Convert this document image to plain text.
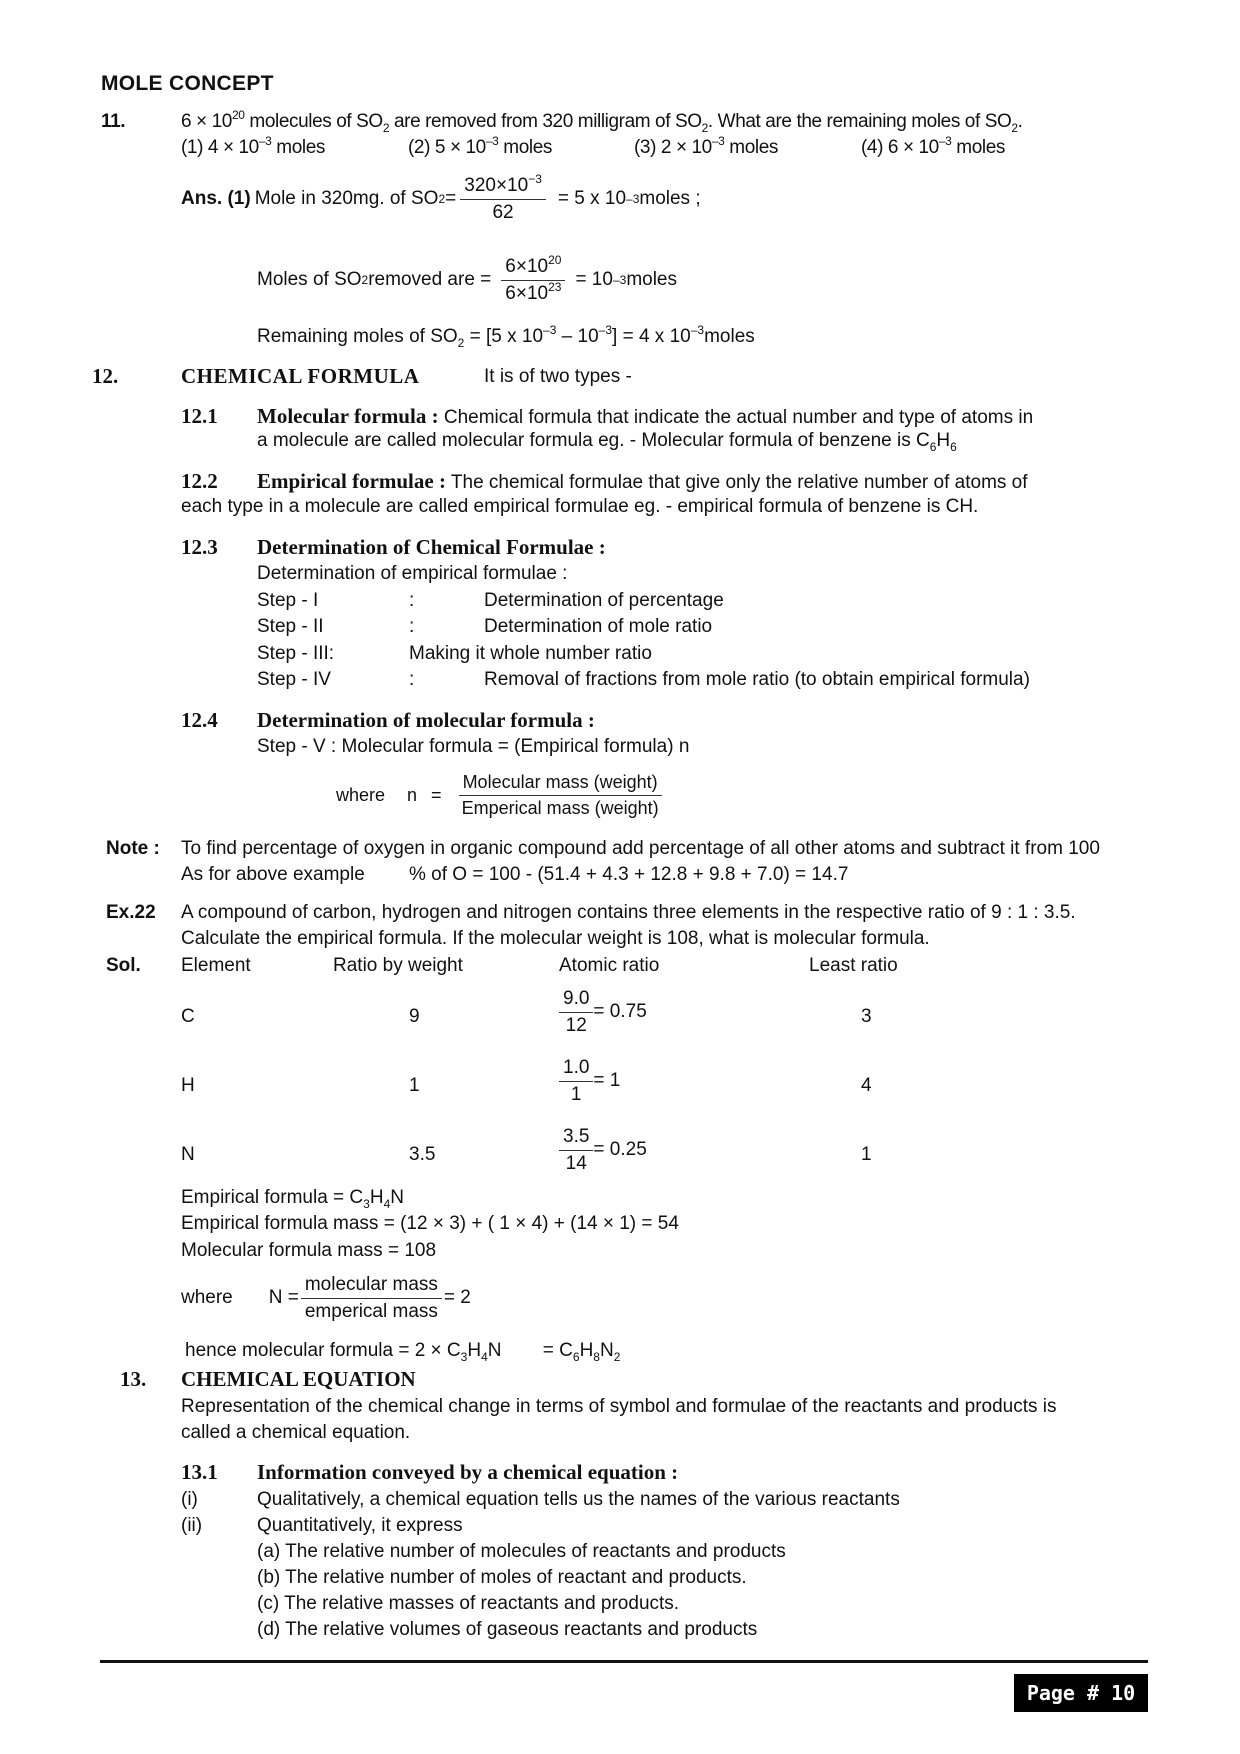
MOLE CONCEPT
11.	$6 \times 10^{20}$ molecules of $SO_2$ are removed from 320 milligram of $SO_2$. What are the remaining moles of $SO_2$.
(1) $4 \times 10^{-3}$ moles	(2) $5 \times 10^{-3}$ moles	(3) $2 \times 10^{-3}$ moles	(4) $6 \times 10^{-3}$ moles
Ans. (1) Mole in 320mg. of SO $2 = \frac{320\times 10^{-3}}{62} = 5$ x 10 –3 moles ;
Moles of SO 2 removed are = $\frac{6\times 10^{20}}{6\times 10^{23}} = 10$ –3 moles
Remaining moles of $SO_2 = [5$ x $10^{-3} - 10^{-3}] = 4$ x $10^{-3}moles$
12.	CHEMICAL FORMULA	It is of two types -
12.1 Molecular formula : Chemical formula that indicate the actual number and type of atoms in
a molecule are called molecular formula eg. - Molecular formula of benzene is $C_6H_6$
12.2 Empirical formulae : The chemical formulae that give only the relative number of atoms of
each type in a molecule are called empirical formulae eg. - empirical formula of benzene is CH.
12.3 Determination of Chemical Formulae :
Determination of empirical formulae :
Step - I	:	Determination of percentage
Step - II	:	Determination of mole ratio
Step - III:	Making it whole number ratio
Step - IV	:	Removal of fractions from mole ratio (to obtain empirical formula)
12.4 Determination of molecular formula :
Step - V : Molecular formula = (Empirical formula) n
where $n = \frac{\text{Molecular mass (weight)}}{\text{Emperical mass (weight)}}$
Note : To find percentage of oxygen in organic compound add percentage of all other atoms and subtract it from 100
As for above example % of O = 100 - (51.4 + 4.3 + 12.8 + 9.8 + 7.0) = 14.7
Ex.22 A compound of carbon, hydrogen and nitrogen contains three elements in the respective ratio of 9 : 1 : 3.5.
Calculate the empirical formula. If the molecular weight is 108, what is molecular formula.
Sol. Element	Ratio by weight	Atomic ratio	Least ratio
C	9	$\frac{9.0}{12} = 0.75$	3
H	1	$\frac{1.0}{1} = 1$	4
N	3.5	$\frac{3.5}{14} = 0.25$	1
Empirical formula = $C_3H_4N$
Empirical formula mass = (12 × 3) + ( 1 × 4) + (14 × 1) = 54
Molecular formula mass = 108
where $N = \frac{\text{molecular mass}}{\text{emperical mass}} = 2$
hence molecular formula = $2 \times C_3H_4N = C_6H_8N_2$
13. CHEMICAL EQUATION
Representation of the chemical change in terms of symbol and formulae of the reactants and products is
called a chemical equation.
13.1 Information conveyed by a chemical equation :
(i)	Qualitatively, a chemical equation tells us the names of the various reactants
(ii)	Quantitatively, it express
(a) The relative number of molecules of reactants and products
(b) The relative number of moles of reactant and products.
(c) The relative masses of reactants and products.
(d) The relative volumes of gaseous reactants and products
Page # 10
